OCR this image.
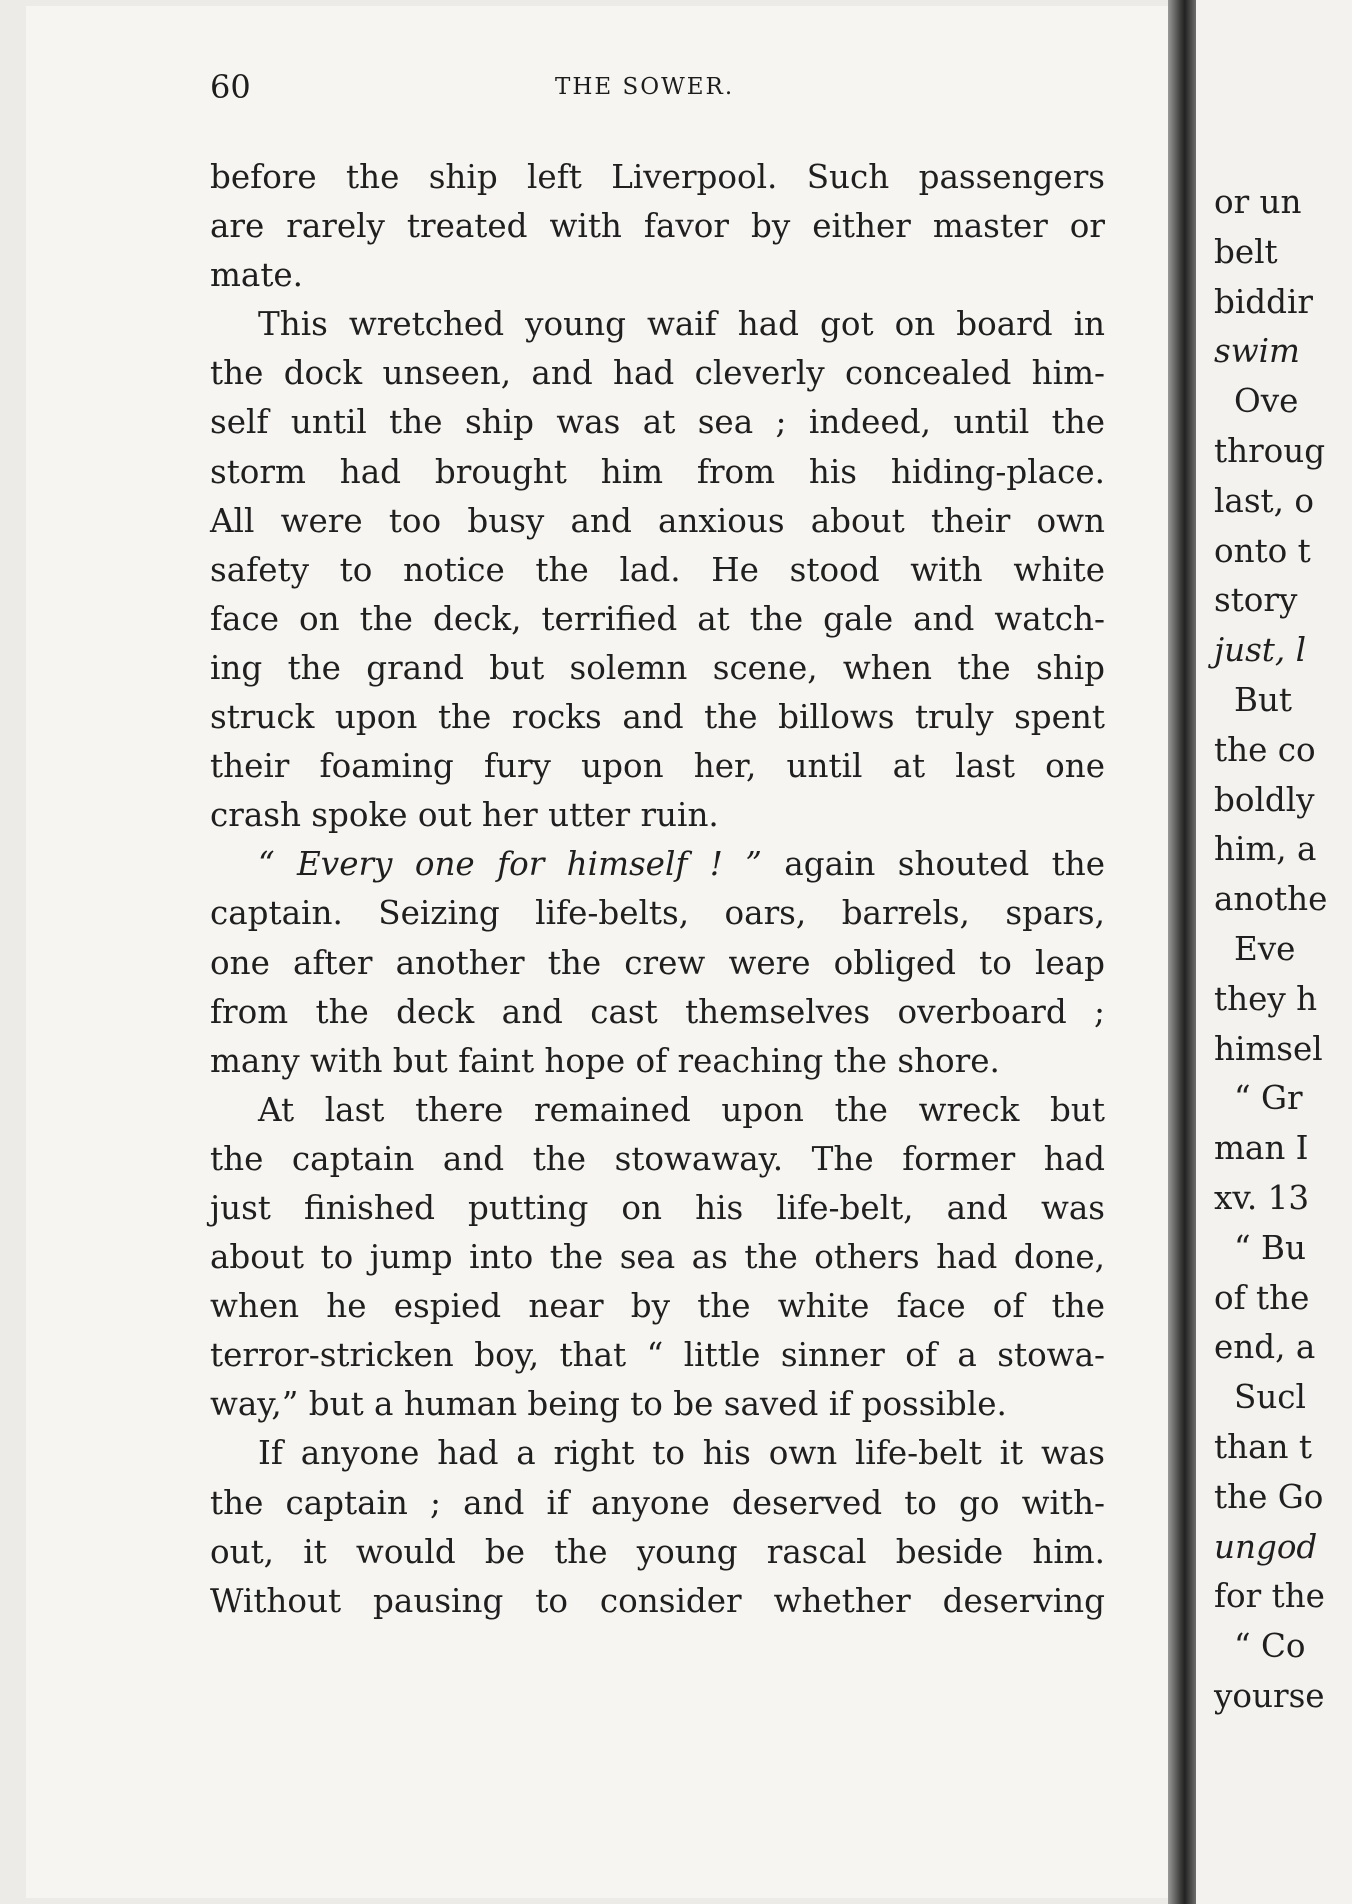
or un
belt
biddir
swim
Ove
throug
last, o
onto t
story
just, l
But
the co
boldly
him, a
anothe
Eve
they h
himsel
“ Gr
man I
xv. 13
“ Bu
of the
end, a
Sucl
than t
the Go
ungod
for the
“ Co
yourse
60	THE SOWER.
before the ship left Liverpool. Such passengers
are rarely treated with favor by either master or
mate.
This wretched young waif had got on board in
the dock unseen, and had cleverly concealed him-
self until the ship was at sea ; indeed, until the
storm had brought him from his hiding-place.
All were too busy and anxious about their own
safety to notice the lad. He stood with white
face on the deck, terrified at the gale and watch-
ing the grand but solemn scene, when the ship
struck upon the rocks and the billows truly spent
their foaming fury upon her, until at last one
crash spoke out her utter ruin.
“ Every one for himself ! ” again shouted the
captain. Seizing life-belts, oars, barrels, spars,
one after another the crew were obliged to leap
from the deck and cast themselves overboard ;
many with but faint hope of reaching the shore.
At last there remained upon the wreck but
the captain and the stowaway. The former had
just finished putting on his life-belt, and was
about to jump into the sea as the others had done,
when he espied near by the white face of the
terror-stricken boy, that “ little sinner of a stowa-
way,” but a human being to be saved if possible.
If anyone had a right to his own life-belt it was
the captain ; and if anyone deserved to go with-
out, it would be the young rascal beside him.
Without pausing to consider whether deserving
